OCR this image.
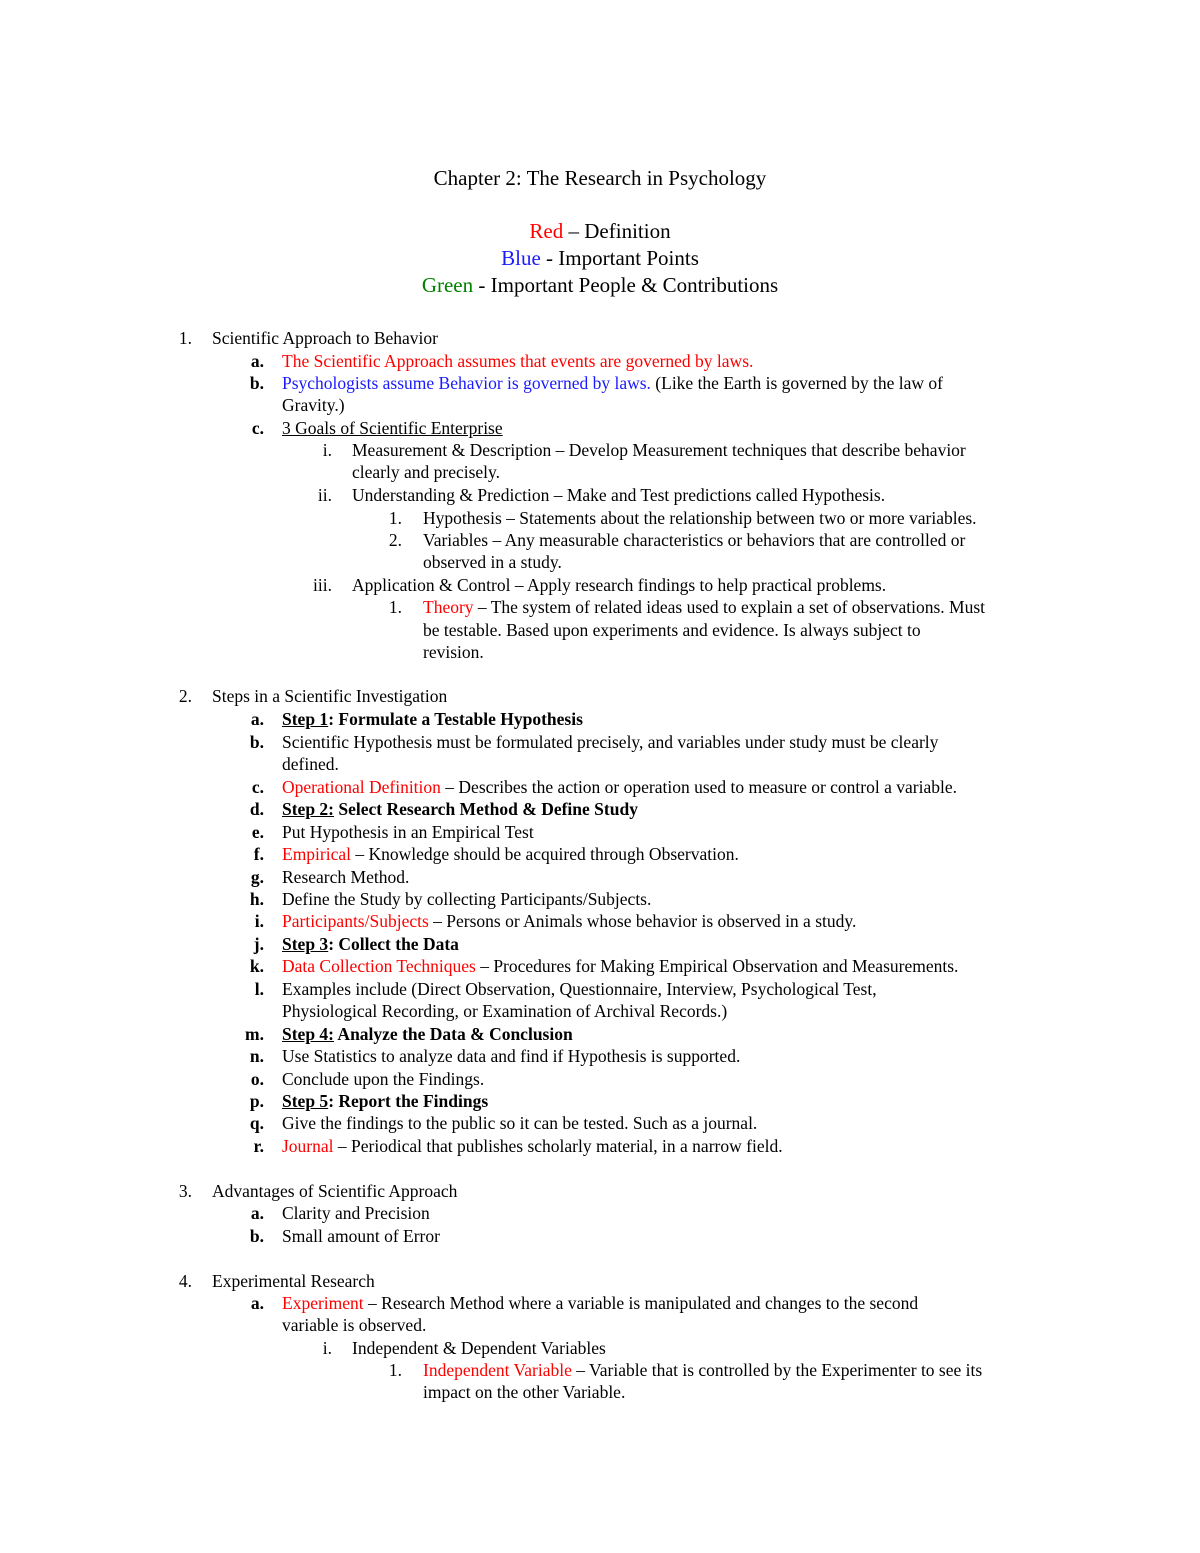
Chapter 2: The Research in Psychology
Red – Definition
Blue - Important Points
Green - Important People & Contributions
1. Scientific Approach to Behavior
a. The Scientific Approach assumes that events are governed by laws.
b. Psychologists assume Behavior is governed by laws. (Like the Earth is governed by the law of
Gravity.)
c. 3 Goals of Scientific Enterprise
i. Measurement & Description – Develop Measurement techniques that describe behavior
clearly and precisely.
ii. Understanding & Prediction – Make and Test predictions called Hypothesis.
1. Hypothesis – Statements about the relationship between two or more variables.
2. Variables – Any measurable characteristics or behaviors that are controlled or
observed in a study.
iii. Application & Control – Apply research findings to help practical problems.
1. Theory – The system of related ideas used to explain a set of observations. Must
be testable. Based upon experiments and evidence. Is always subject to
revision.
2. Steps in a Scientific Investigation
a. Step 1: Formulate a Testable Hypothesis
b. Scientific Hypothesis must be formulated precisely, and variables under study must be clearly
defined.
c. Operational Definition – Describes the action or operation used to measure or control a variable.
d. Step 2: Select Research Method & Define Study
e. Put Hypothesis in an Empirical Test
f. Empirical – Knowledge should be acquired through Observation.
g. Research Method.
h. Define the Study by collecting Participants/Subjects.
i. Participants/Subjects – Persons or Animals whose behavior is observed in a study.
j. Step 3: Collect the Data
k. Data Collection Techniques – Procedures for Making Empirical Observation and Measurements.
l. Examples include (Direct Observation, Questionnaire, Interview, Psychological Test,
Physiological Recording, or Examination of Archival Records.)
m. Step 4: Analyze the Data & Conclusion
n. Use Statistics to analyze data and find if Hypothesis is supported.
o. Conclude upon the Findings.
p. Step 5: Report the Findings
q. Give the findings to the public so it can be tested. Such as a journal.
r. Journal – Periodical that publishes scholarly material, in a narrow field.
3. Advantages of Scientific Approach
a. Clarity and Precision
b. Small amount of Error
4. Experimental Research
a. Experiment – Research Method where a variable is manipulated and changes to the second
variable is observed.
i. Independent & Dependent Variables
1. Independent Variable – Variable that is controlled by the Experimenter to see its
impact on the other Variable.
